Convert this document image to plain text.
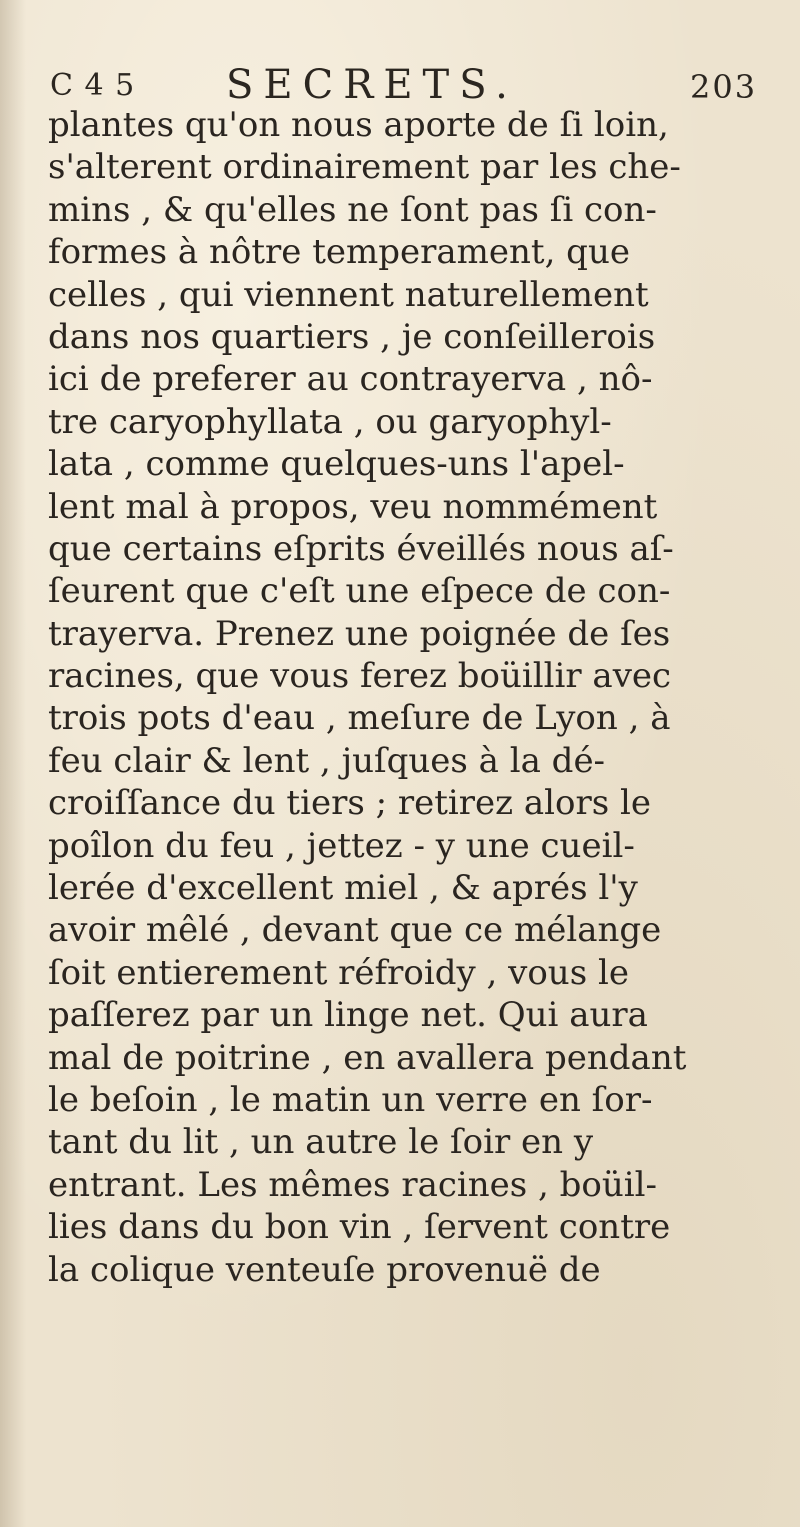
C 4 5 SECRETS.	203
plantes qu'on nous aporte de ſi loin,
s'alterent ordinairement par les che-
mins , & qu'elles ne ſont pas ſi con-
formes à nôtre temperament, que
celles , qui viennent naturellement
dans nos quartiers , je conſeillerois
ici de preferer au contrayerva , nô-
tre caryophyllata , ou garyophyl-
lata , comme quelques-uns l'apel-
lent mal à propos, veu nommément
que certains eſprits éveillés nous aſ-
ſeurent que c'eſt une eſpece de con-
trayerva. Prenez une poignée de ſes
racines, que vous ferez boüillir avec
trois pots d'eau , meſure de Lyon , à
feu clair & lent , juſques à la dé-
croiſſance du tiers ; retirez alors le
poîlon du feu , jettez - y une cueil-
lerée d'excellent miel , & aprés l'y
avoir mêlé , devant que ce mélange
ſoit entierement réfroidy , vous le
paſſerez par un linge net. Qui aura
mal de poitrine , en avallera pendant
le beſoin , le matin un verre en ſor-
tant du lit , un autre le ſoir en y
entrant. Les mêmes racines , boüil-
lies dans du bon vin , ſervent contre
la colique venteuſe provenuë de
